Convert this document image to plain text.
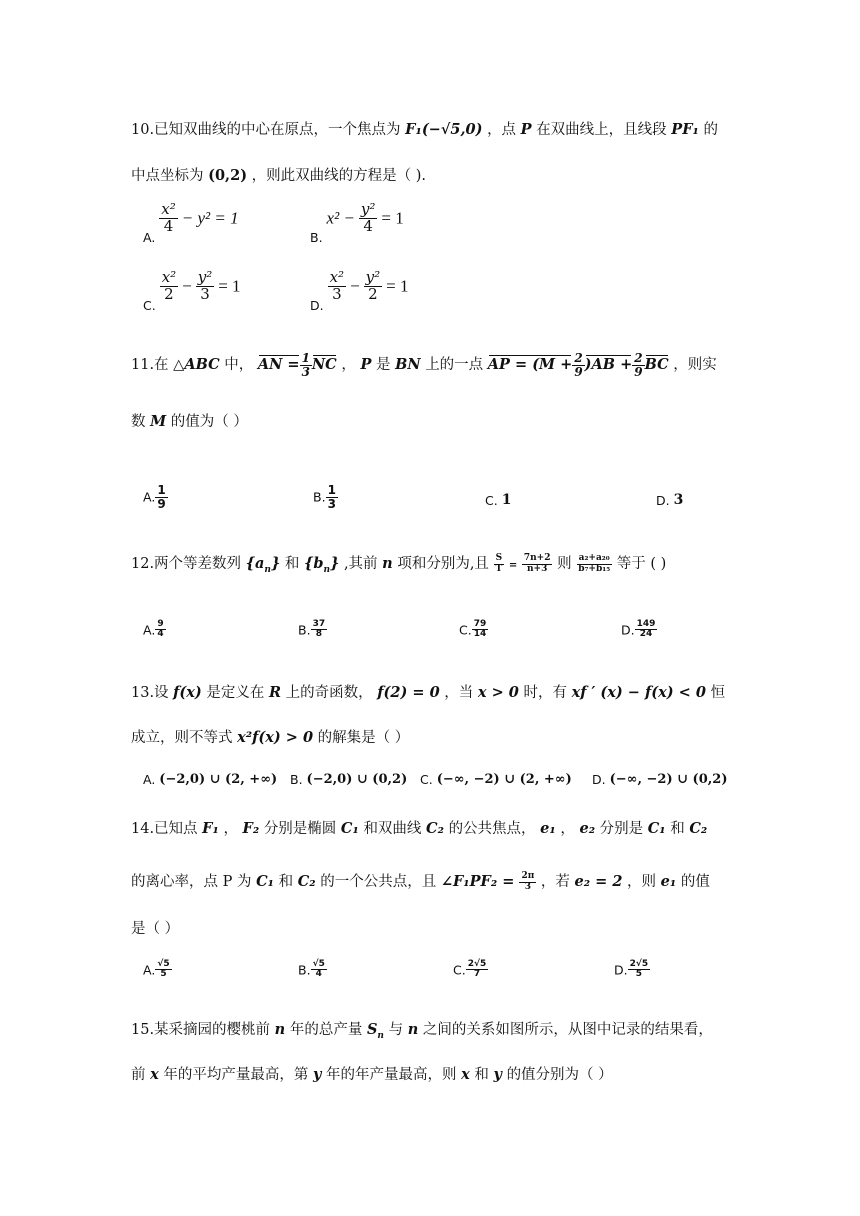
10.已知双曲线的中心在原点，一个焦点为 F₁(−√5,0) ，点 P 在双曲线上，且线段 PF₁ 的
中点坐标为 (0,2) ，则此双曲线的方程是（ ).
A.
$\frac{\text{x²}}{4} - y^2 = 1$
B. $x^2 - \frac{\text{y²}}{4} = 1$
C.
$\frac{\text{x²}}{2} - \frac{\text{y²}}{3} = 1$
D.
$\frac{\text{x²}}{3} - \frac{\text{y²}}{2} = 1$
11.在 △ABC 中， AN = $\frac{1}{3}$ NC ， P 是 BN 上的一点 AP = $(M + \frac{2}{9} )AB + \frac{2}{9}$ BC ，则实
数 M 的值为（ ）
A. $\frac{1}{9}$	B. $\frac{1}{3}$	C. 1	D. 3
12.两个等差数列 $\{a_n\}$ 和 $\{b_n\}$ ,其前 n 项和分别为,且 $\frac{S}{T} = \frac{7n+2}{n+3}$ 则 $\frac{\text{a₂+a₂₀}}{\text{b₇+b₁₅}}$ 等于 ( )
A. $\frac{9}{4}$	B. $\frac{37}{8}$	C. $\frac{79}{14}$	D. $\frac{149}{24}$
13.设 f(x) 是定义在 R 上的奇函数， f(2) = 0 ，当 x > 0 时，有 xf ′ (x) − f(x) < 0 恒
成立，则不等式 x²f(x) > 0 的解集是（ ）
A. (−2,0) ∪ (2, +∞) B. (−2,0) ∪ (0,2) C. (−∞, −2) ∪ (2, +∞) D. (−∞, −2) ∪ (0,2)
14.已知点 F₁ ， F₂ 分别是椭圆 C₁ 和双曲线 C₂ 的公共焦点， e₁ ， e₂ 分别是 C₁ 和 C₂
的离心率，点 P 为 C₁ 和 C₂ 的一个公共点，且 ∠F₁PF₂ = $\frac{2\pi}{3}$ ，若 e₂ = 2 ，则 e₁ 的值
是（ ）
A. $\frac{√5}{5}$	B. $\frac{√5}{4}$	C. $\frac{2√5}{7}$	D. $\frac{2√5}{5}$
15.某采摘园的樱桃前 n 年的总产量 $S_n$ 与 n 之间的关系如图所示，从图中记录的结果看，
前 x 年的平均产量最高，第 y 年的年产量最高，则 x 和 y 的值分别为（ ）
